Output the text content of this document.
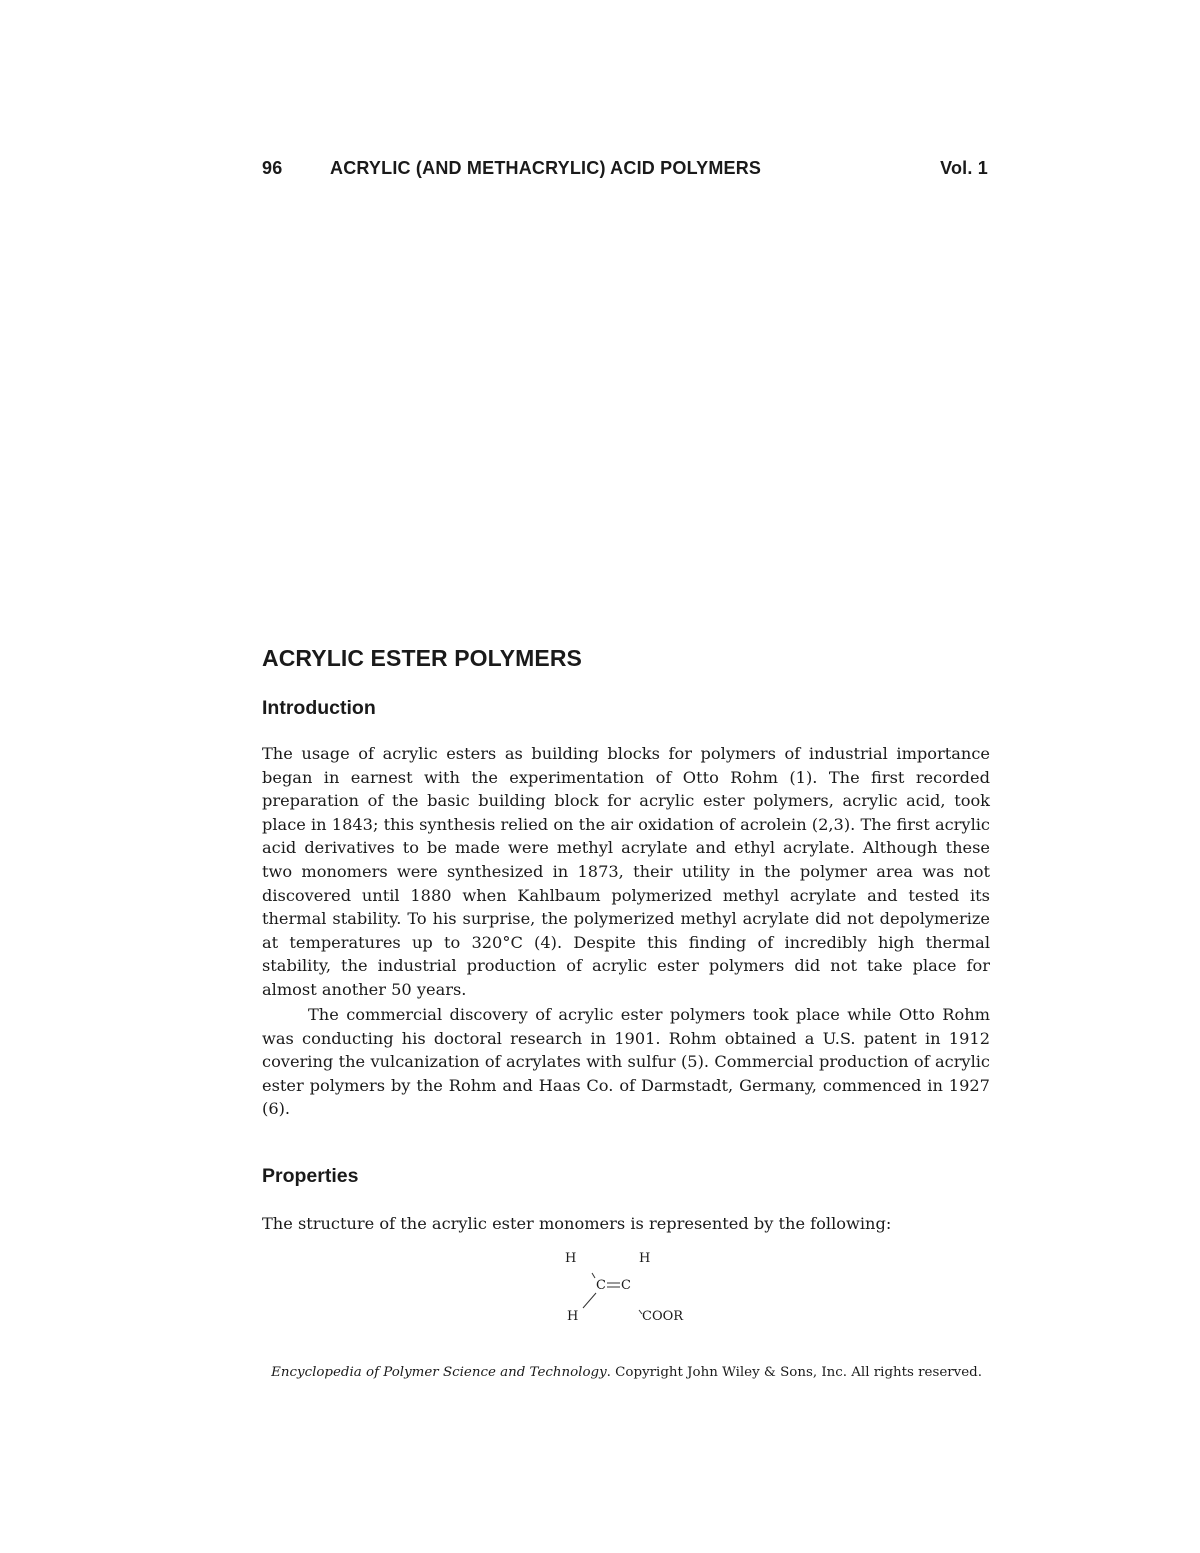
96	ACRYLIC (AND METHACRYLIC) ACID POLYMERS	Vol. 1
ACRYLIC ESTER POLYMERS
Introduction

The usage of acrylic esters as building blocks for polymers of industrial importance began in earnest with the experimentation of Otto Rohm (1). The first recorded preparation of the basic building block for acrylic ester polymers, acrylic acid, took place in 1843; this synthesis relied on the air oxidation of acrolein (2,3). The first acrylic acid derivatives to be made were methyl acrylate and ethyl acrylate. Although these two monomers were synthesized in 1873, their utility in the polymer area was not discovered until 1880 when Kahlbaum polymerized methyl acrylate and tested its thermal stability. To his surprise, the polymerized methyl acrylate did not depolymerize at temperatures up to 320°C (4). Despite this finding of incredibly high thermal stability, the industrial production of acrylic ester polymers did not take place for almost another 50 years.

The commercial discovery of acrylic ester polymers took place while Otto Rohm was conducting his doctoral research in 1901. Rohm obtained a U.S. patent in 1912 covering the vulcanization of acrylates with sulfur (5). Commercial production of acrylic ester polymers by the Rohm and Haas Co. of Darmstadt, Germany, commenced in 1927 (6).

Properties

The structure of the acrylic ester monomers is represented by the following:

H	H
C C
H	COOR
Encyclopedia of Polymer Science and Technology. Copyright John Wiley & Sons, Inc. All rights reserved.
